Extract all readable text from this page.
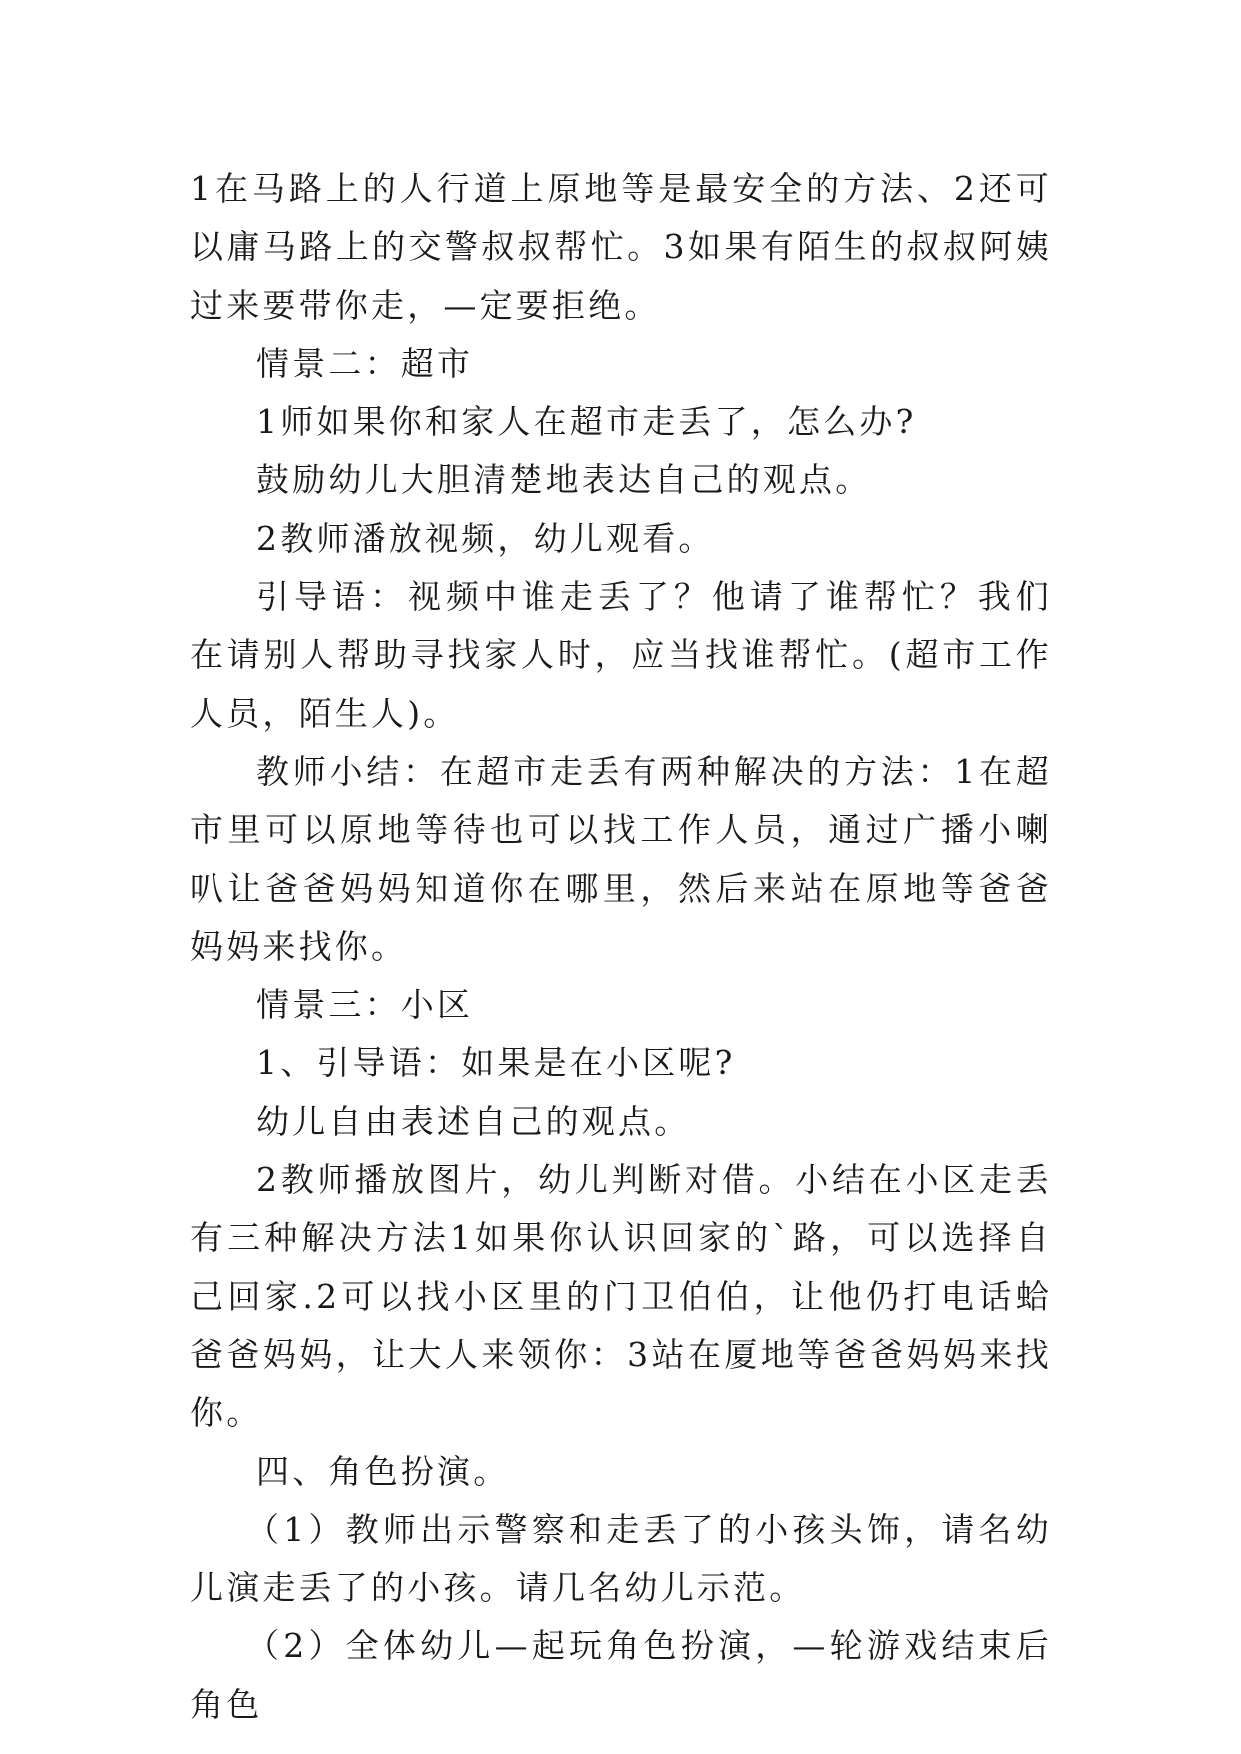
1在马路上的人行道上原地等是最安全的方法、2还可以庸马路上的交警叔叔帮忙。3如果有陌生的叔叔阿姨过来要带你走，—定要拒绝。

情景二：超市

1师如果你和家人在超市走丢了，怎么办?

鼓励幼儿大胆清楚地表达自己的观点。

2教师潘放视频，幼儿观看。

引导语：视频中谁走丢了？他请了谁帮忙？我们在请别人帮助寻找家人时，应当找谁帮忙。(超市工作人员，陌生人)。

教师小结：在超市走丢有两种解决的方法：1在超市里可以原地等待也可以找工作人员，通过广播小喇叭让爸爸妈妈知道你在哪里，然后来站在原地等爸爸妈妈来找你。

情景三：小区

1、引导语：如果是在小区呢?

幼儿自由表述自己的观点。

2教师播放图片，幼儿判断对借。小结在小区走丢有三种解决方法1如果你认识回家的`路，可以选择自己回家.2可以找小区里的门卫伯伯，让他仍打电话蛤爸爸妈妈，让大人来领你：3站在厦地等爸爸妈妈来找你。

四、角色扮演。

（1）教师出示警察和走丢了的小孩头饰，请名幼儿演走丢了的小孩。请几名幼儿示范。

（2）全体幼儿—起玩角色扮演，—轮游戏结束后角色
